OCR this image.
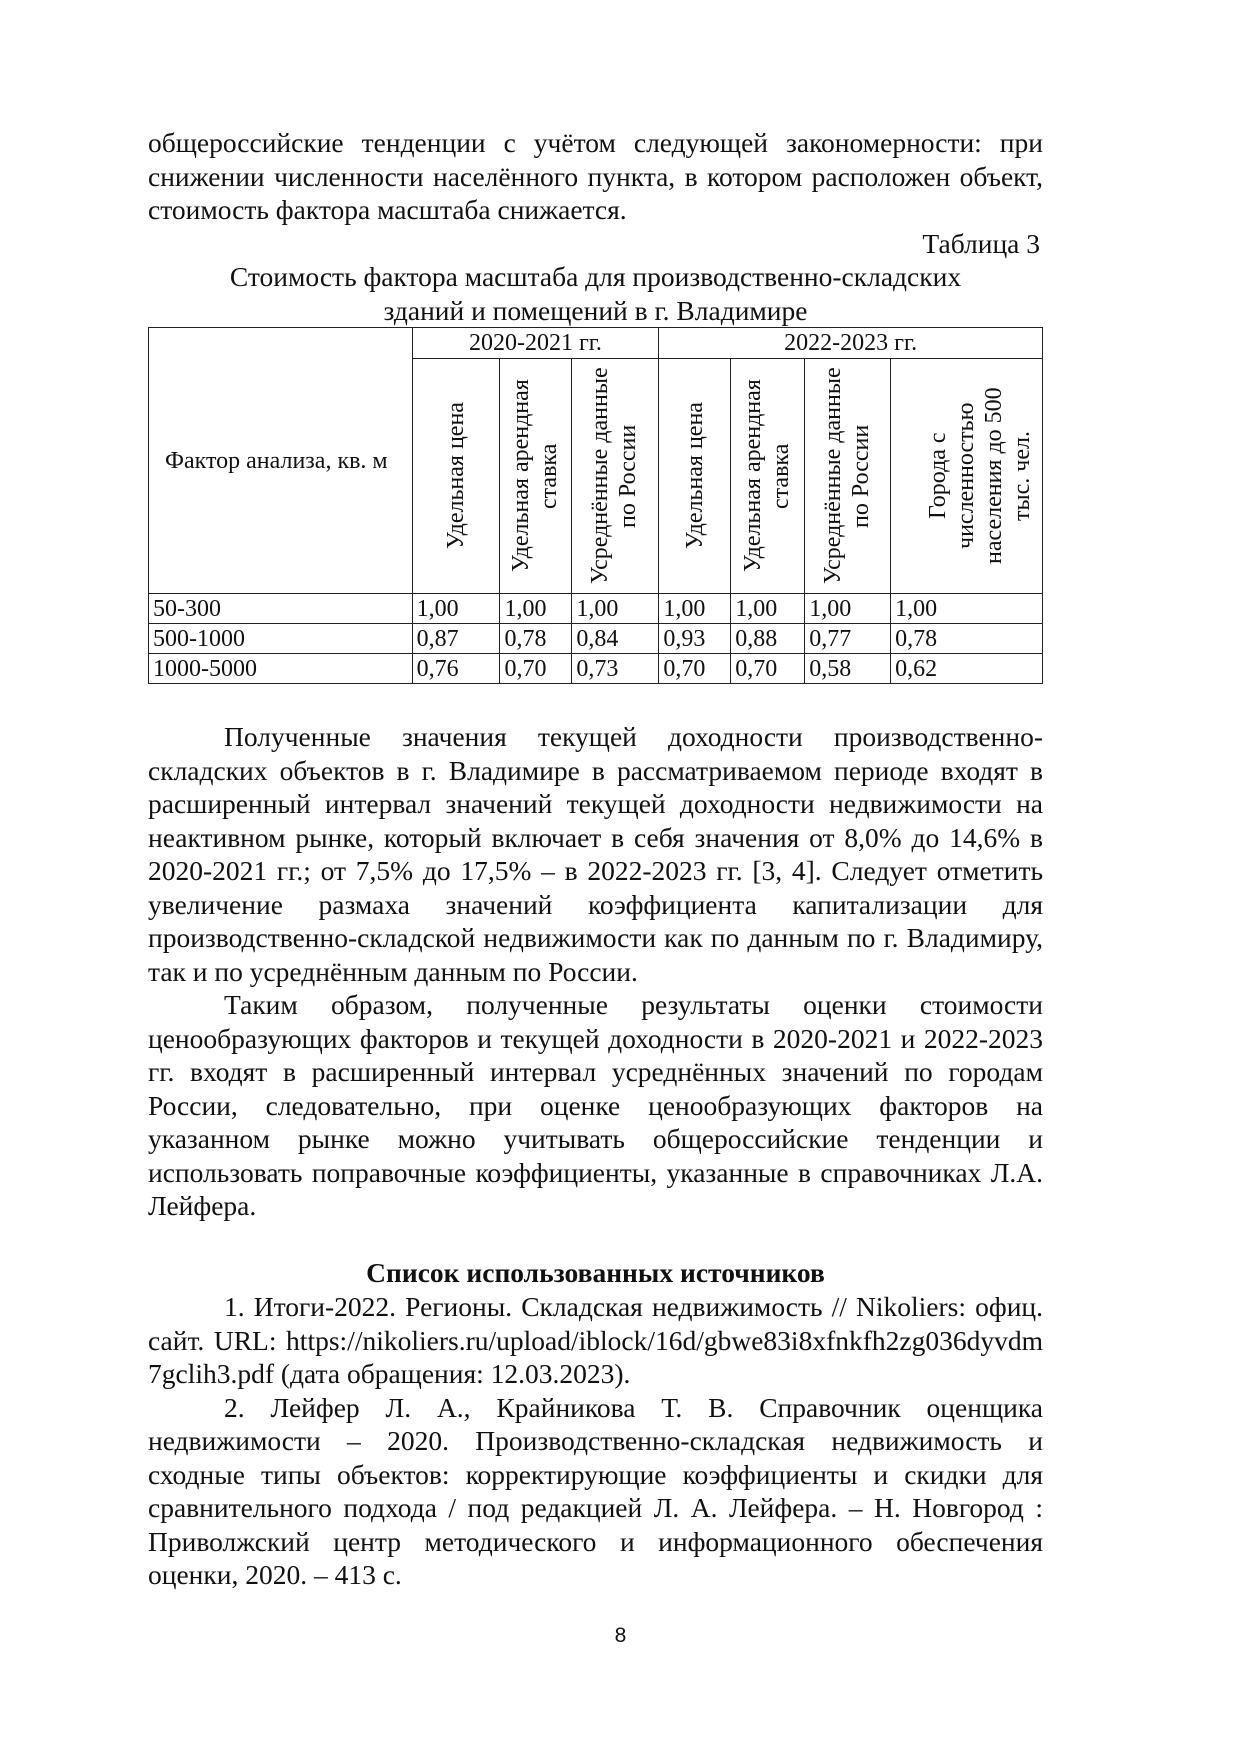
общероссийские тенденции с учётом следующей закономерности: при снижении численности населённого пункта, в котором расположен объект, стоимость фактора масштаба снижается.

Таблица 3
Стоимость фактора масштаба для производственно-складских
зданий и помещений в г. Владимире
Фактор анализа, кв. м	2020-2021 гг.			2022-2023 гг.			

	Удельная цена	Удельная арендная ставка	Усреднённые данные по России	Удельная цена	Удельная арендная ставка	Усреднённые данные по России	Города с численностью населения до 500 тыс. чел.

50-300	1,00	1,00	1,00	1,00	1,00	1,00	1,00
500-1000	0,87	0,78	0,84	0,93	0,88	0,77	0,78
1000-5000	0,76	0,70	0,73	0,70	0,70	0,58	0,62

Полученные значения текущей доходности производственно-складских объектов в г. Владимире в рассматриваемом периоде входят в расширенный интервал значений текущей доходности недвижимости на неактивном рынке, который включает в себя значения от 8,0% до 14,6% в 2020-2021 гг.; от 7,5% до 17,5% – в 2022-2023 гг. [3, 4]. Следует отметить увеличение размаха значений коэффициента капитализации для производственно-складской недвижимости как по данным по г. Владимиру, так и по усреднённым данным по России.

Таким образом, полученные результаты оценки стоимости ценообразующих факторов и текущей доходности в 2020-2021 и 2022-2023 гг. входят в расширенный интервал усреднённых значений по городам России, следовательно, при оценке ценообразующих факторов на указанном рынке можно учитывать общероссийские тенденции и использовать поправочные коэффициенты, указанные в справочниках Л.А. Лейфера.

Список использованных источников

1. Итоги-2022. Регионы. Складская недвижимость // Nikoliers: офиц. сайт. URL: https://nikoliers.ru/upload/iblock/16d/gbwe83i8xfnkfh2zg036dyvdm7gclih3.pdf (дата обращения: 12.03.2023).

2. Лейфер Л. А., Крайникова Т. В. Справочник оценщика недвижимости – 2020. Производственно-складская недвижимость и сходные типы объектов: корректирующие коэффициенты и скидки для сравнительного подхода / под редакцией Л. А. Лейфера. – Н. Новгород : Приволжский центр методического и информационного обеспечения оценки, 2020. – 413 с.

8
